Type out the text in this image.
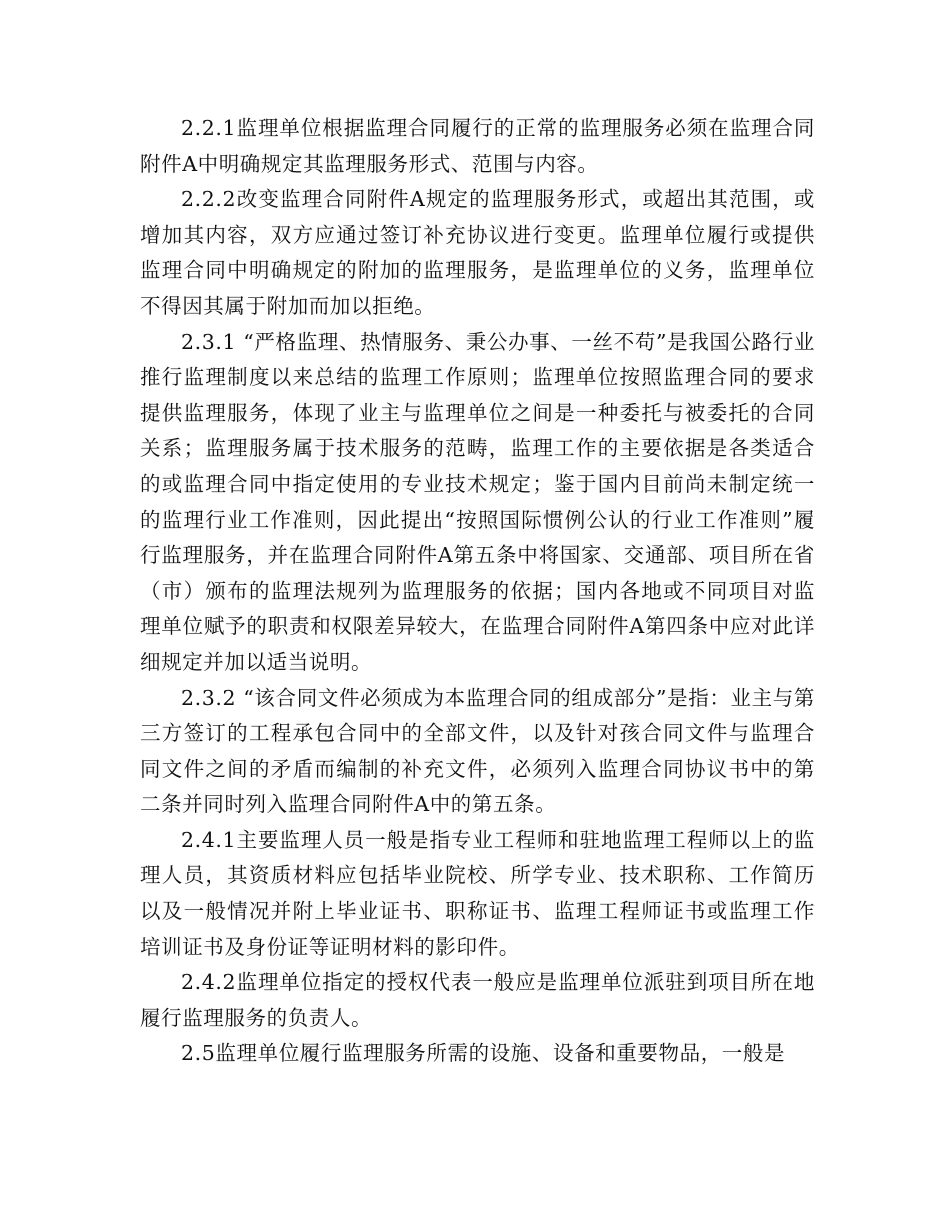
2.2.1监理单位根据监理合同履行的正常的监理服务必须在监理合同附件A中明确规定其监理服务形式、范围与内容。

2.2.2改变监理合同附件A规定的监理服务形式，或超出其范围，或增加其内容，双方应通过签订补充协议进行变更。监理单位履行或提供监理合同中明确规定的附加的监理服务，是监理单位的义务，监理单位不得因其属于附加而加以拒绝。

2.3.1 “严格监理、热情服务、秉公办事、一丝不苟”是我国公路行业推行监理制度以来总结的监理工作原则；监理单位按照监理合同的要求提供监理服务，体现了业主与监理单位之间是一种委托与被委托的合同关系；监理服务属于技术服务的范畴，监理工作的主要依据是各类适合的或监理合同中指定使用的专业技术规定；鉴于国内目前尚未制定统一的监理行业工作准则，因此提出“按照国际惯例公认的行业工作准则”履行监理服务，并在监理合同附件A第五条中将国家、交通部、项目所在省（市）颁布的监理法规列为监理服务的依据；国内各地或不同项目对监理单位赋予的职责和权限差异较大，在监理合同附件A第四条中应对此详细规定并加以适当说明。

2.3.2 “该合同文件必须成为本监理合同的组成部分”是指：业主与第三方签订的工程承包合同中的全部文件，以及针对孩合同文件与监理合同文件之间的矛盾而编制的补充文件，必须列入监理合同协议书中的第二条并同时列入监理合同附件A中的第五条。

2.4.1主要监理人员一般是指专业工程师和驻地监理工程师以上的监理人员，其资质材料应包括毕业院校、所学专业、技术职称、工作简历以及一般情况并附上毕业证书、职称证书、监理工程师证书或监理工作培训证书及身份证等证明材料的影印件。

2.4.2监理单位指定的授权代表一般应是监理单位派驻到项目所在地履行监理服务的负责人。

2.5监理单位履行监理服务所需的设施、设备和重要物品，一般是
